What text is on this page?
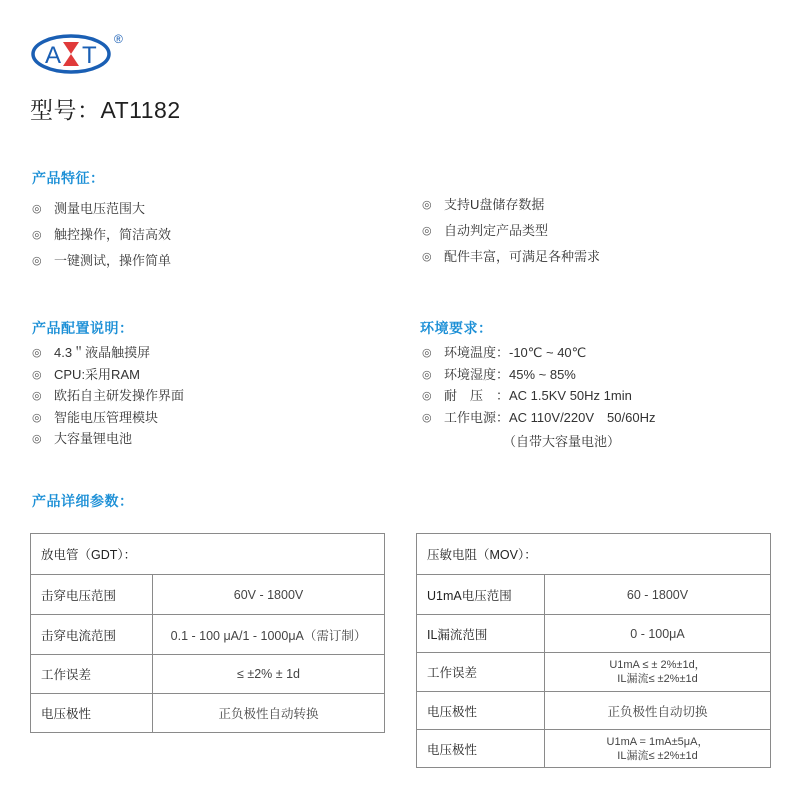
A T
®
型号：AT1182
产品特征：
◎ 测量电压范围大
◎ 触控操作，简洁高效
◎ 一键测试，操作简单
◎ 支持U盘储存数据
◎ 自动判定产品类型
◎ 配件丰富，可满足各种需求
产品配置说明：
◎ 4.3＂液晶触摸屏
◎ CPU:采用RAM
◎ 欧拓自主研发操作界面
◎ 智能电压管理模块
◎ 大容量锂电池
环境要求：
◎ 环境温度：-10℃ ~ 40℃
◎ 环境湿度：45% ~ 85%
◎ 耐　压　：AC 1.5KV 50Hz 1min
◎ 工作电源：AC 110V/220V　50/60Hz
（自带大容量电池）
产品详细参数：
放电管（GDT）：	
击穿电压范围	60V - 1800V
击穿电流范围	0.1 - 100 μA/1 - 1000μA（需订制）
工作误差	≤ ±2% ± 1d
电压极性	正负极性自动转换
压敏电阻（MOV）：	
U1mA电压范围	60 - 1800V
IL漏流范围	0 - 100μA
工作误差	U1mA ≤ ± 2%±1d，
IL漏流≤ ±2%±1d

电压极性	正负极性自动切换
电压极性	U1mA = 1mA±5μA，
IL漏流≤ ±2%±1d
